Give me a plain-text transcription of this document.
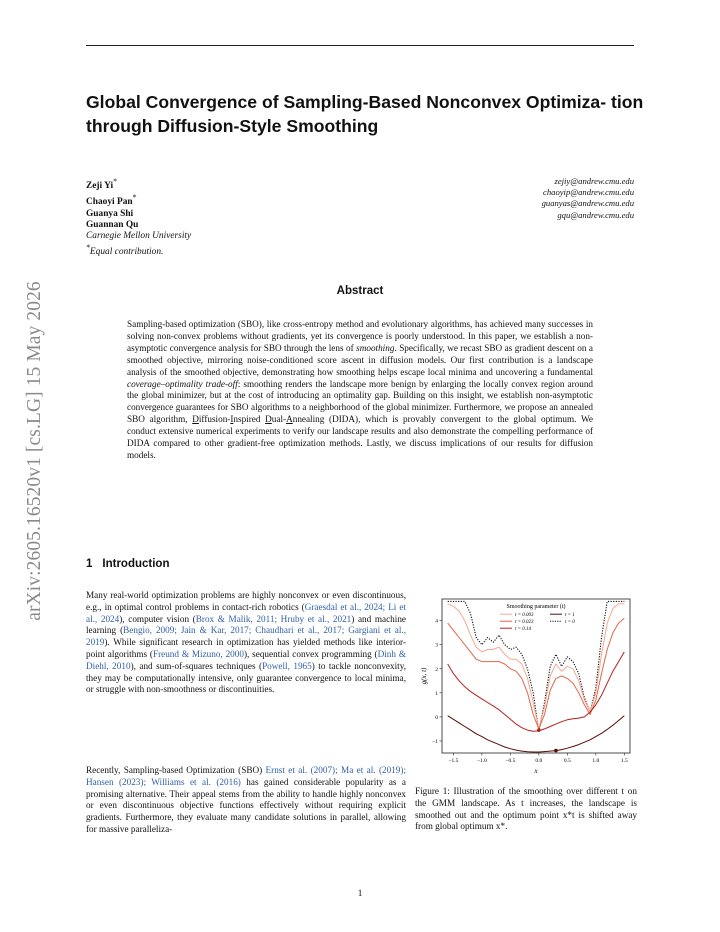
arXiv:2605.16520v1 [cs.LG] 15 May 2026
Global Convergence of Sampling-Based Nonconvex Optimiza- tion through Diffusion-Style Smoothing
Zeji Yi*
Chaoyi Pan*
Guanya Shi
Guannan Qu
Carnegie Mellon University
*Equal contribution.
zejiy@andrew.cmu.edu
chaoyip@andrew.cmu.edu
guanyas@andrew.cmu.edu
gqu@andrew.cmu.edu
Abstract
Sampling-based optimization (SBO), like cross-entropy method and evolutionary algorithms, has achieved many successes in solving non-convex problems without gradients, yet its convergence is poorly understood. In this paper, we establish a non-asymptotic convergence analysis for SBO through the lens of smoothing. Specifically, we recast SBO as gradient descent on a smoothed objective, mirroring noise-conditioned score ascent in diffusion models. Our first contribution is a landscape analysis of the smoothed objective, demonstrating how smoothing helps escape local minima and uncovering a fundamental coverage–optimality trade-off: smoothing renders the landscape more benign by enlarging the locally convex region around the global minimizer, but at the cost of introducing an optimality gap. Building on this insight, we establish non-asymptotic convergence guarantees for SBO algorithms to a neighborhood of the global minimizer. Furthermore, we propose an annealed SBO algorithm, Diffusion-Inspired Dual-Annealing (DIDA), which is provably convergent to the global optimum. We conduct extensive numerical experiments to verify our landscape results and also demonstrate the compelling performance of DIDA compared to other gradient-free optimization methods. Lastly, we discuss implications of our results for diffusion models.
1 Introduction
Many real-world optimization problems are highly nonconvex or even discontinuous, e.g., in optimal control problems in contact-rich robotics (Graesdal et al., 2024; Li et al., 2024), computer vision (Brox & Malik, 2011; Hruby et al., 2021) and machine learning (Bengio, 2009; Jain & Kar, 2017; Chaudhari et al., 2017; Gargiani et al., 2019). While significant research in optimization has yielded methods like interior-point algorithms (Freund & Mizuno, 2000), sequential convex programming (Dinh & Diehl, 2010), and sum-of-squares techniques (Powell, 1965) to tackle nonconvexity, they may be computationally intensive, only guarantee convergence to local minima, or struggle with non-smoothness or discontinuities.
Recently, Sampling-based Optimization (SBO) Ernst et al. (2007); Ma et al. (2019); Hansen (2023); Williams et al. (2016) has gained considerable popularity as a promising alternative. Their appeal stems from the ability to handle highly nonconvex or even discontinuous objective functions effectively without requiring explicit gradients. Furthermore, they evaluate many candidate solutions in parallel, allowing for massive paralleliza-
−1.5	−1.0	−0.5	0.0	0.5	1.0	1.5
−1
0
1
2
3
4
Smoothing parameter (t)
t = 0.003
t = 0.023
t = 0.14
t = 1
t = 0
x
g(x, t)
Figure 1: Illustration of the smoothing over different t on the GMM landscape. As t increases, the landscape is smoothed out and the optimum point x*t is shifted away from global optimum x*.
1
